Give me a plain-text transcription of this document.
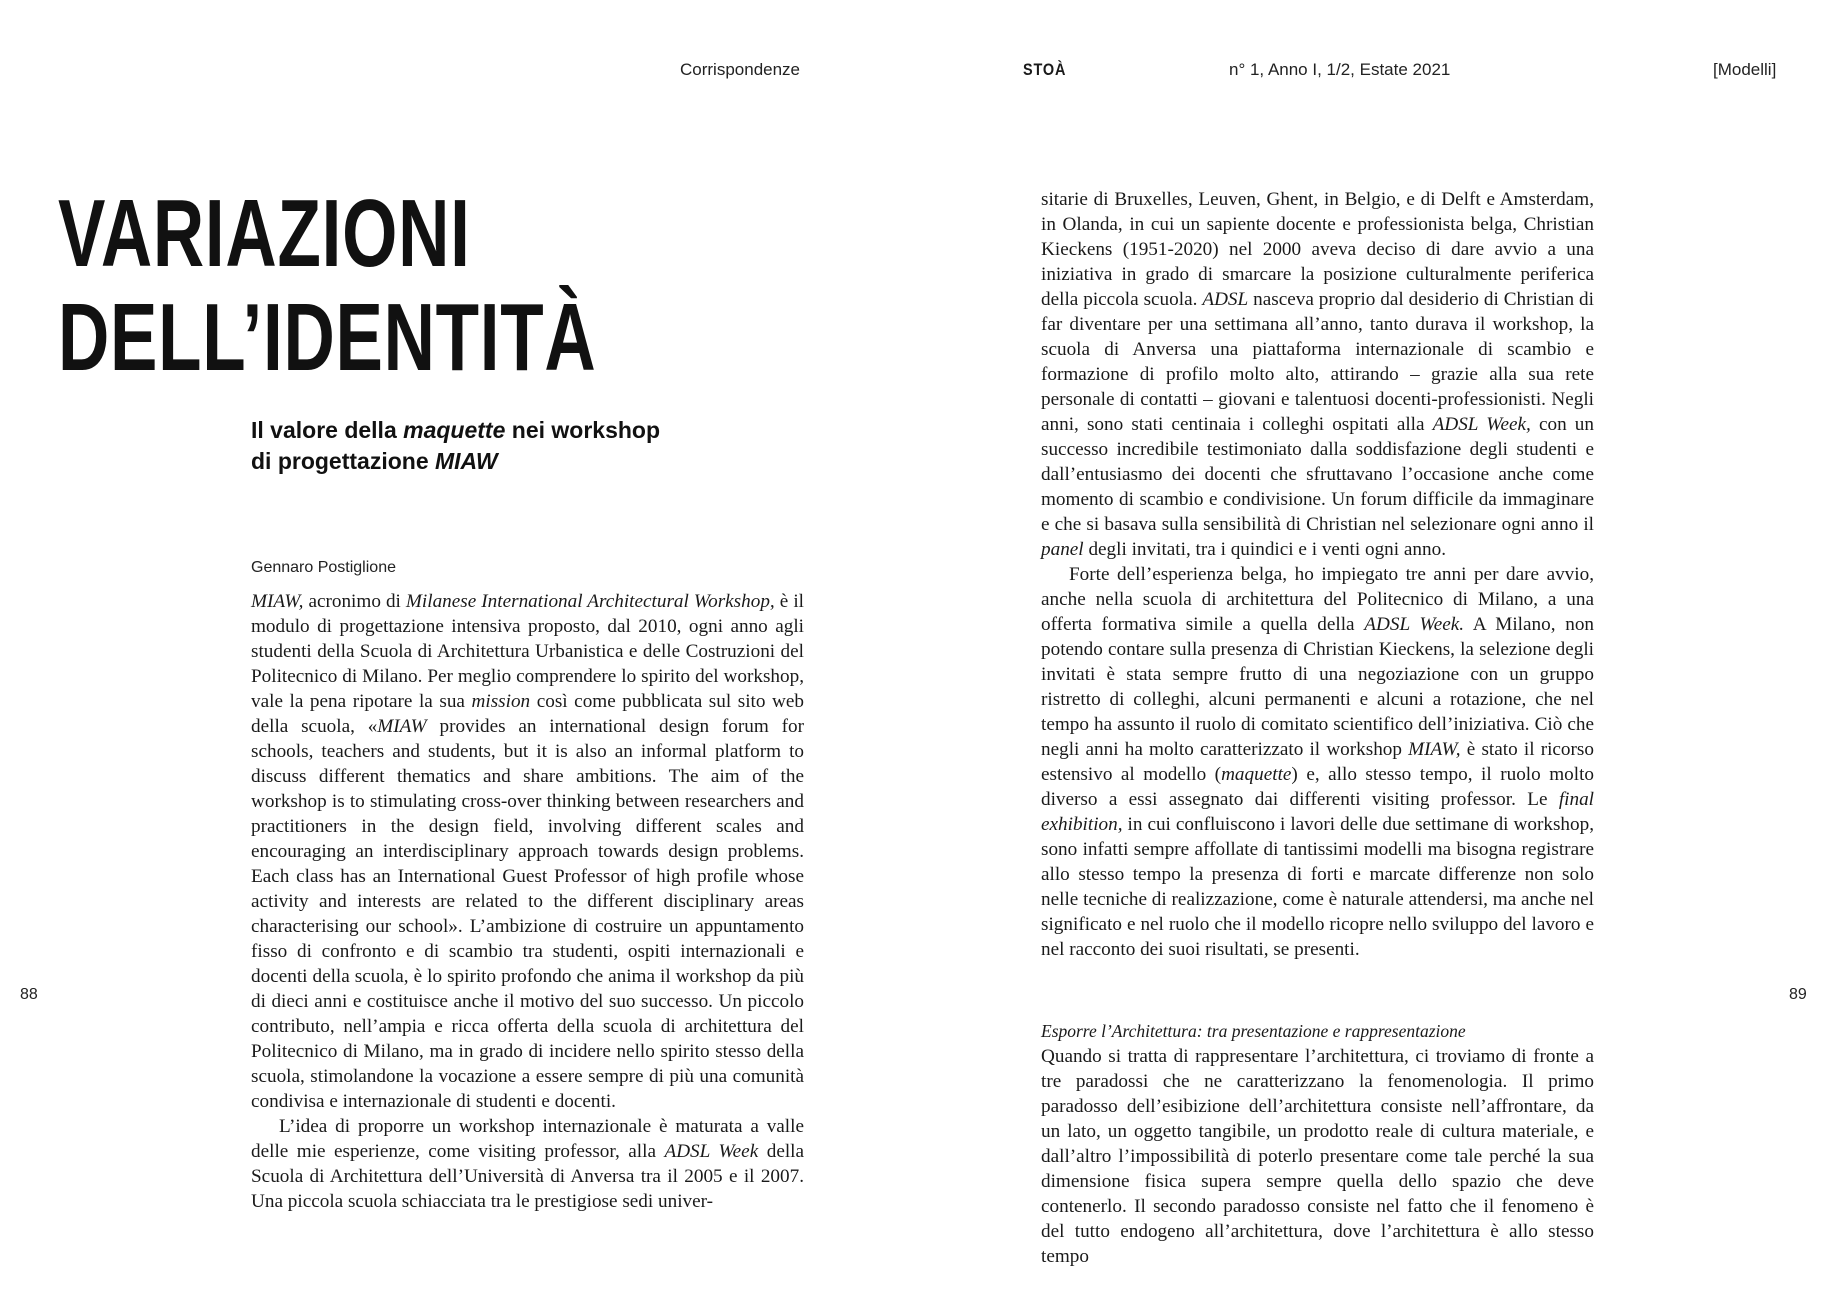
Corrispondenze	STOÀ	n° 1, Anno I, 1/2, Estate 2021	[Modelli]
VARIAZIONI
DELL’IDENTITÀ
Il valore della maquette nei workshop
di progettazione MIAW
Gennaro Postiglione

MIAW, acronimo di Milanese International Architectural Workshop, è il modulo di progettazione intensiva proposto, dal 2010, ogni anno agli studenti della Scuola di Architettura Urbanistica e delle Costruzioni del Politecnico di Milano. Per meglio comprendere lo spirito del workshop, vale la pena ripotare la sua mission così come pubblicata sul sito web della scuola, «MIAW provides an international design forum for schools, teachers and students, but it is also an informal platform to discuss different thematics and share ambitions. The aim of the workshop is to stimulating cross-over thinking between researchers and practitioners in the design field, involving different scales and encouraging an interdisciplinary approach towards design problems. Each class has an International Guest Professor of high profile whose activity and interests are related to the different disciplinary areas characterising our school». L’ambizione di costruire un appuntamento fisso di confronto e di scambio tra studenti, ospiti internazionali e docenti della scuola, è lo spirito profondo che anima il workshop da più di dieci anni e costituisce anche il motivo del suo successo. Un piccolo contributo, nell’ampia e ricca offerta della scuola di architettura del Politecnico di Milano, ma in grado di incidere nello spirito stesso della scuola, stimolandone la vocazione a essere sempre di più una comunità condivisa e internazionale di studenti e docenti.

L’idea di proporre un workshop internazionale è maturata a valle delle mie esperienze, come visiting professor, alla ADSL Week della Scuola di Architettura dell’Università di Anversa tra il 2005 e il 2007. Una piccola scuola schiacciata tra le prestigiose sedi univer-

sitarie di Bruxelles, Leuven, Ghent, in Belgio, e di Delft e Amsterdam, in Olanda, in cui un sapiente docente e professionista belga, Christian Kieckens (1951-2020) nel 2000 aveva deciso di dare avvio a una iniziativa in grado di smarcare la posizione culturalmente periferica della piccola scuola. ADSL nasceva proprio dal desiderio di Christian di far diventare per una settimana all’anno, tanto durava il workshop, la scuola di Anversa una piattaforma internazionale di scambio e formazione di profilo molto alto, attirando – grazie alla sua rete personale di contatti – giovani e talentuosi docenti-professionisti. Negli anni, sono stati centinaia i colleghi ospitati alla ADSL Week, con un successo incredibile testimoniato dalla soddisfazione degli studenti e dall’entusiasmo dei docenti che sfruttavano l’occasione anche come momento di scambio e condivisione. Un forum difficile da immaginare e che si basava sulla sensibilità di Christian nel selezionare ogni anno il panel degli invitati, tra i quindici e i venti ogni anno.

Forte dell’esperienza belga, ho impiegato tre anni per dare avvio, anche nella scuola di architettura del Politecnico di Milano, a una offerta formativa simile a quella della ADSL Week. A Milano, non potendo contare sulla presenza di Christian Kieckens, la selezione degli invitati è stata sempre frutto di una negoziazione con un gruppo ristretto di colleghi, alcuni permanenti e alcuni a rotazione, che nel tempo ha assunto il ruolo di comitato scientifico dell’iniziativa. Ciò che negli anni ha molto caratterizzato il workshop MIAW, è stato il ricorso estensivo al modello (maquette) e, allo stesso tempo, il ruolo molto diverso a essi assegnato dai differenti visiting professor. Le final exhibition, in cui confluiscono i lavori delle due settimane di workshop, sono infatti sempre affollate di tantissimi modelli ma bisogna registrare allo stesso tempo la presenza di forti e marcate differenze non solo nelle tecniche di realizzazione, come è naturale attendersi, ma anche nel significato e nel ruolo che il modello ricopre nello sviluppo del lavoro e nel racconto dei suoi risultati, se presenti.

Esporre l’Architettura: tra presentazione e rappresentazione

Quando si tratta di rappresentare l’architettura, ci troviamo di fronte a tre paradossi che ne caratterizzano la fenomenologia. Il primo paradosso dell’esibizione dell’architettura consiste nell’affrontare, da un lato, un oggetto tangibile, un prodotto reale di cultura materiale, e dall’altro l’impossibilità di poterlo presentare come tale perché la sua dimensione fisica supera sempre quella dello spazio che deve contenerlo. Il secondo paradosso consiste nel fatto che il fenomeno è del tutto endogeno all’architettura, dove l’architettura è allo stesso tempo

88	89
